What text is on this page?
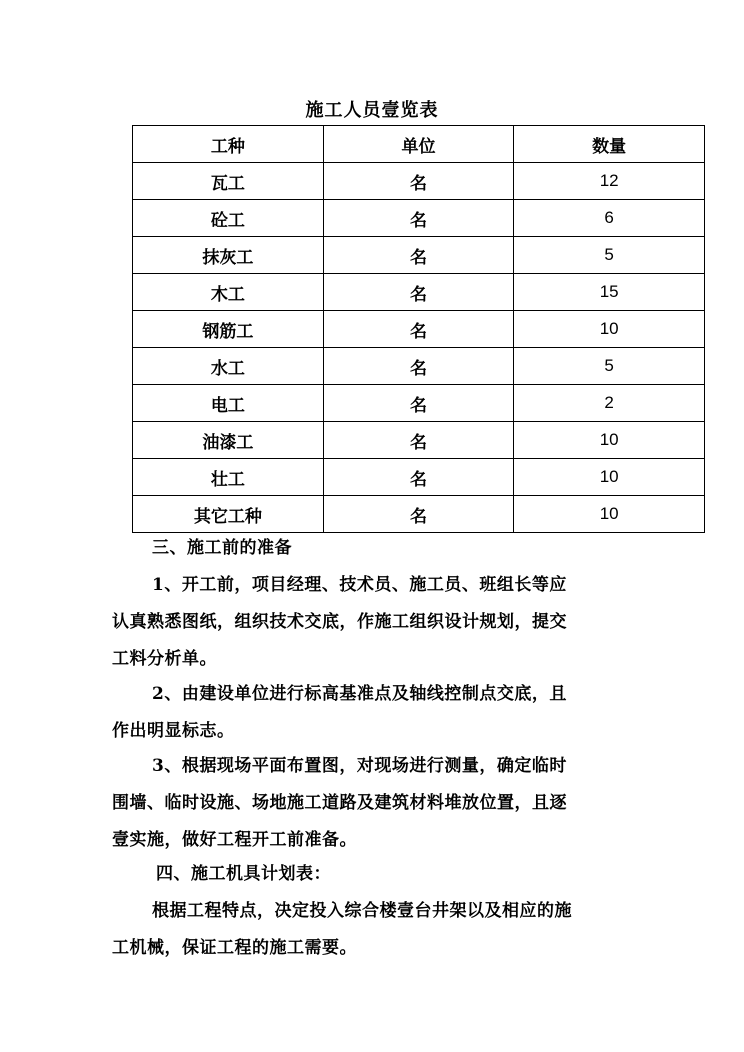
施工人员壹览表
工种	单位	数量
瓦工	名	12
砼工	名	6
抹灰工	名	5
木工	名	15
钢筋工	名	10
水工	名	5
电工	名	2
油漆工	名	10
壮工	名	10
其它工种	名	10
三、施工前的准备
1、开工前，项目经理、技术员、施工员、班组长等应
认真熟悉图纸，组织技术交底，作施工组织设计规划，提交
工料分析单。
2、由建设单位进行标高基准点及轴线控制点交底，且
作出明显标志。
3、根据现场平面布置图，对现场进行测量，确定临时
围墙、临时设施、场地施工道路及建筑材料堆放位置，且逐
壹实施，做好工程开工前准备。
四、施工机具计划表：
根据工程特点，决定投入综合楼壹台井架以及相应的施
工机械，保证工程的施工需要。
